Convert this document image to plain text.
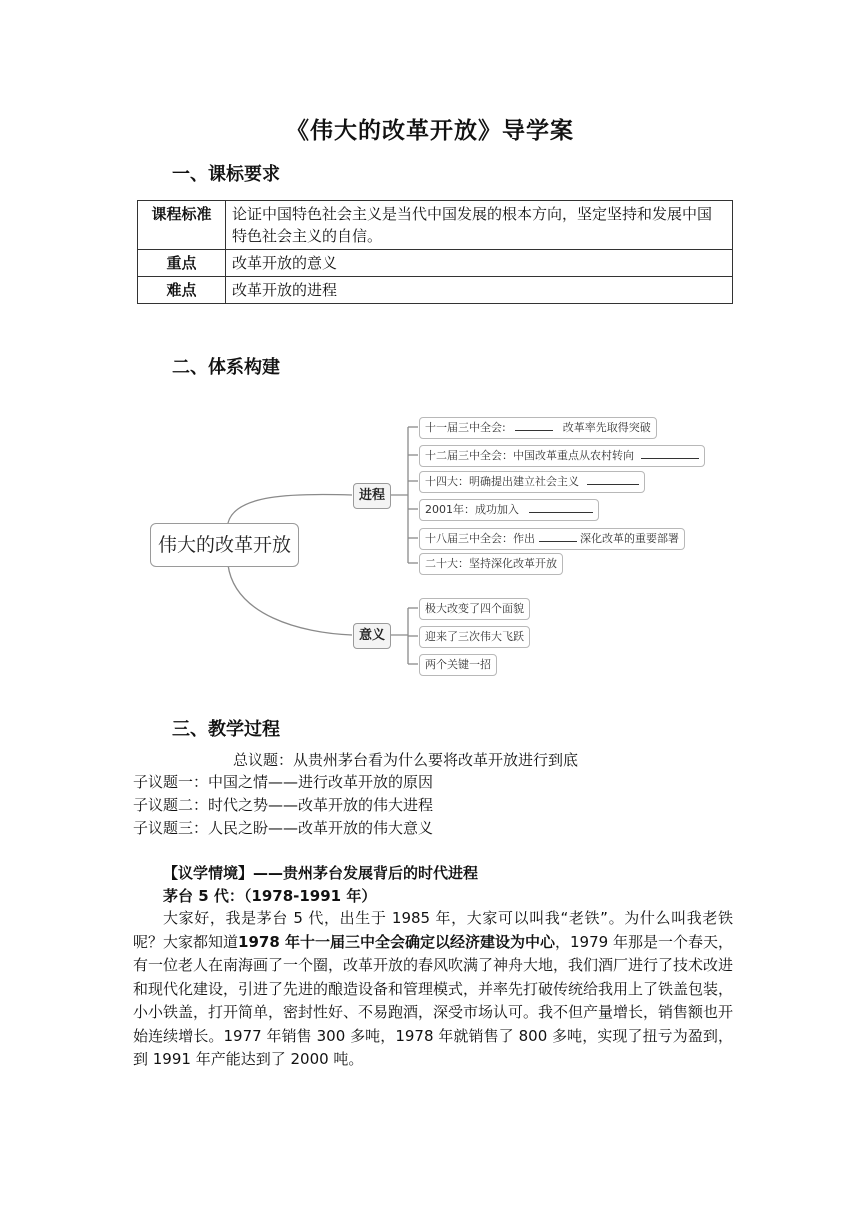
《伟大的改革开放》导学案
一、课标要求
课程标准	论证中国特色社会主义是当代中国发展的根本方向，坚定坚持和发展中国特色社会主义的自信。
重点	改革开放的意义
难点	改革开放的进程
二、体系构建
伟大的改革开放
进程
意义
十一届三中全会:	改革率先取得突破
十二届三中全会：中国改革重点从农村转向
十四大：明确提出建立社会主义
2001年：成功加入
十八届三中全会：作出	深化改革的重要部署
二十大：坚持深化改革开放
极大改变了四个面貌
迎来了三次伟大飞跃
两个关键一招
三、教学过程
总议题：从贵州茅台看为什么要将改革开放进行到底
子议题一：中国之情——进行改革开放的原因
子议题二：时代之势——改革开放的伟大进程
子议题三：人民之盼——改革开放的伟大意义
【议学情境】——贵州茅台发展背后的时代进程
茅台 5 代：（1978-1991 年）

大家好，我是茅台 5 代，出生于 1985 年，大家可以叫我“老铁”。为什么叫我老铁呢？大家都知道1978 年十一届三中全会确定以经济建设为中心，1979 年那是一个春天，有一位老人在南海画了一个圈，改革开放的春风吹满了神舟大地，我们酒厂进行了技术改进和现代化建设，引进了先进的酿造设备和管理模式，并率先打破传统给我用上了铁盖包装，小小铁盖，打开简单，密封性好、不易跑酒，深受市场认可。我不但产量增长，销售额也开始连续增长。1977 年销售 300 多吨，1978 年就销售了 800 多吨，实现了扭亏为盈到，到 1991 年产能达到了 2000 吨。
